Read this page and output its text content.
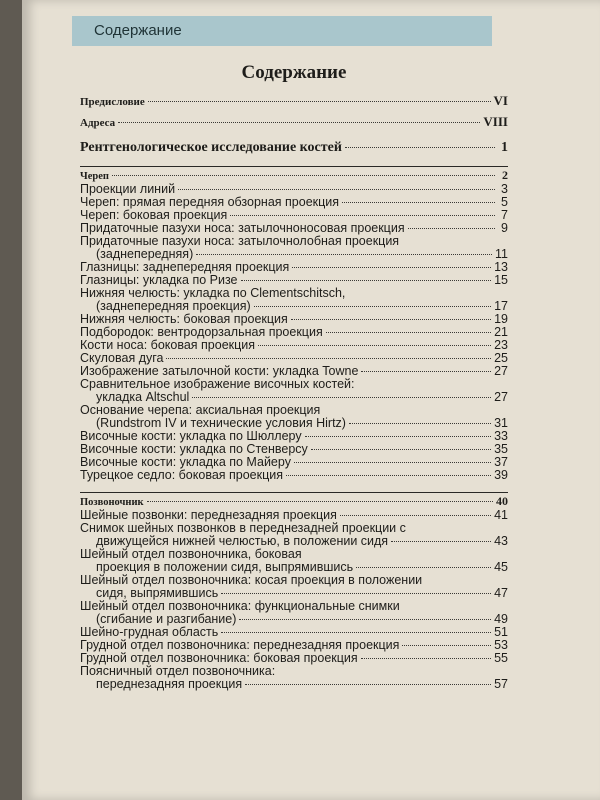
Содержание
Содержание
Предисловие	VI
Адреса	VIII
Рентгенологическое исследование костей	1
Череп	2
Проекции линий	3
Череп: прямая передняя обзорная проекция	5
Череп: боковая проекция	7
Придаточные пазухи носа: затылочноносовая проекция	9
Придаточные пазухи носа: затылочнолобная проекция
(заднепередняя)	11
Глазницы: заднепередняя проекция	13
Глазницы: укладка по Ризе	15
Нижняя челюсть: укладка по Clementschitsch,
(заднепередняя проекция)	17
Нижняя челюсть: боковая проекция	19
Подбородок: вентродорзальная проекция	21
Кости носа: боковая проекция	23
Скуловая дуга	25
Изображение затылочной кости: укладка Towne	27
Сравнительное изображение височных костей:
укладка Altschul	27
Основание черепа: аксиальная проекция
(Rundstrom IV и технические условия Hirtz)	31
Височные кости: укладка по Шюллеру	33
Височные кости: укладка по Стенверсу	35
Височные кости: укладка по Майеру	37
Турецкое седло: боковая проекция	39
Позвоночник	40
Шейные позвонки: переднезадняя проекция	41
Снимок шейных позвонков в переднезадней проекции с
движущейся нижней челюстью, в положении сидя	43
Шейный отдел позвоночника, боковая
проекция в положении сидя, выпрямившись	45
Шейный отдел позвоночника: косая проекция в положении
сидя, выпрямившись	47
Шейный отдел позвоночника: функциональные снимки
(сгибание и разгибание)	49
Шейно-грудная область	51
Грудной отдел позвоночника: переднезадняя проекция	53
Грудной отдел позвоночника: боковая проекция	55
Поясничный отдел позвоночника:
переднезадняя проекция	57
